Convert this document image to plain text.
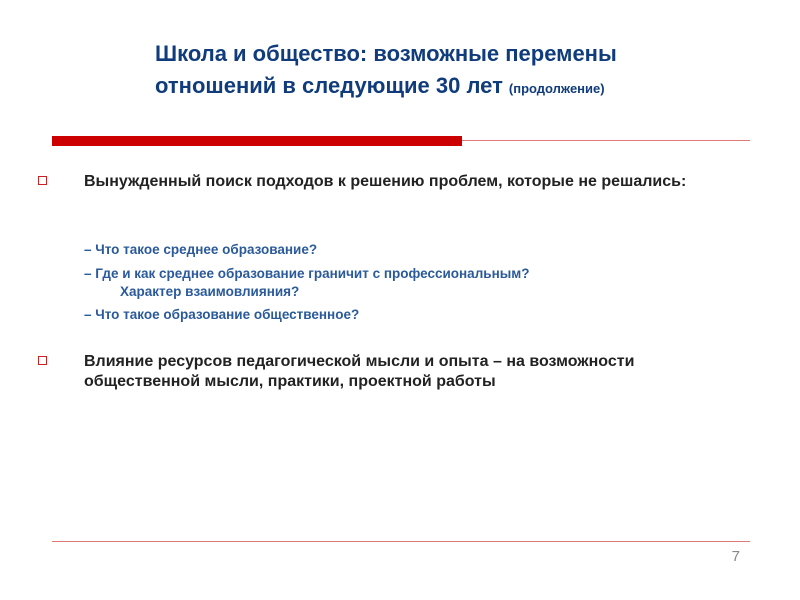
Школа и общество: возможные перемены
отношений в следующие 30 лет (продолжение)
Вынужденный поиск подходов к решению проблем, которые не решались:
– Что такое среднее образование?
– Где и как среднее образование граничит с профессиональным?
Характер взаимовлияния?
– Что такое образование общественное?
Влияние ресурсов педагогической мысли и опыта – на возможности общественной мысли, практики, проектной работы
7
